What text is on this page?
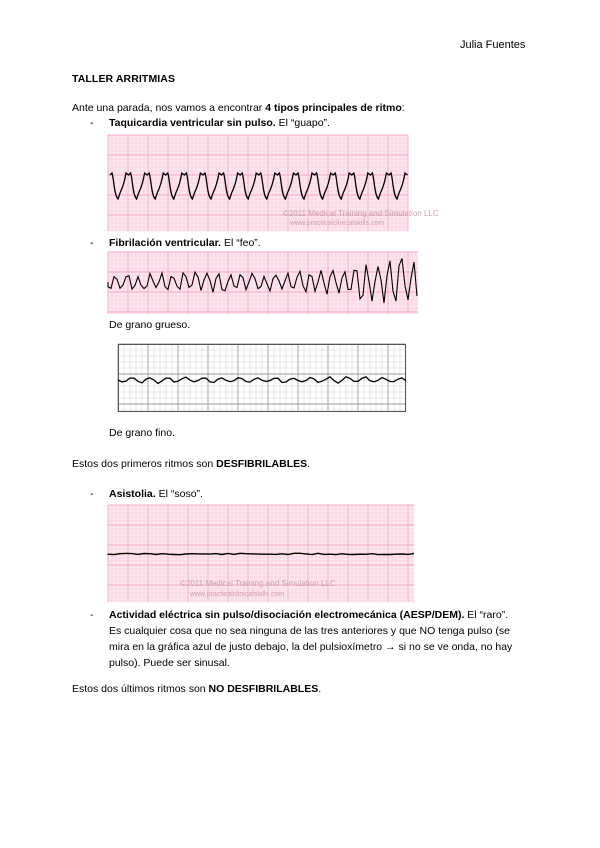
Julia Fuentes
TALLER ARRITMIAS
Ante una parada, nos vamos a encontrar 4 tipos principales de ritmo:
- Taquicardia ventricular sin pulso. El “guapo”.
©2011 Medical Training and Simulation LLC
www.practicalclinicalskills.com
- Fibrilación ventricular. El “feo”.
De grano grueso.
De grano fino.
Estos dos primeros ritmos son DESFIBRILABLES.
- Asistolia. El “soso”.
©2011 Medical Training and Simulation LLC
www.practicalclinicalskills.com
- Actividad eléctrica sin pulso/disociación electromecánica (AESP/DEM). El “raro”. Es cualquier cosa que no sea ninguna de las tres anteriores y que NO tenga pulso (se mira en la gráfica azul de justo debajo, la del pulsioxímetro → si no se ve onda, no hay pulso). Puede ser sinusal.
Estos dos últimos ritmos son NO DESFIBRILABLES.
